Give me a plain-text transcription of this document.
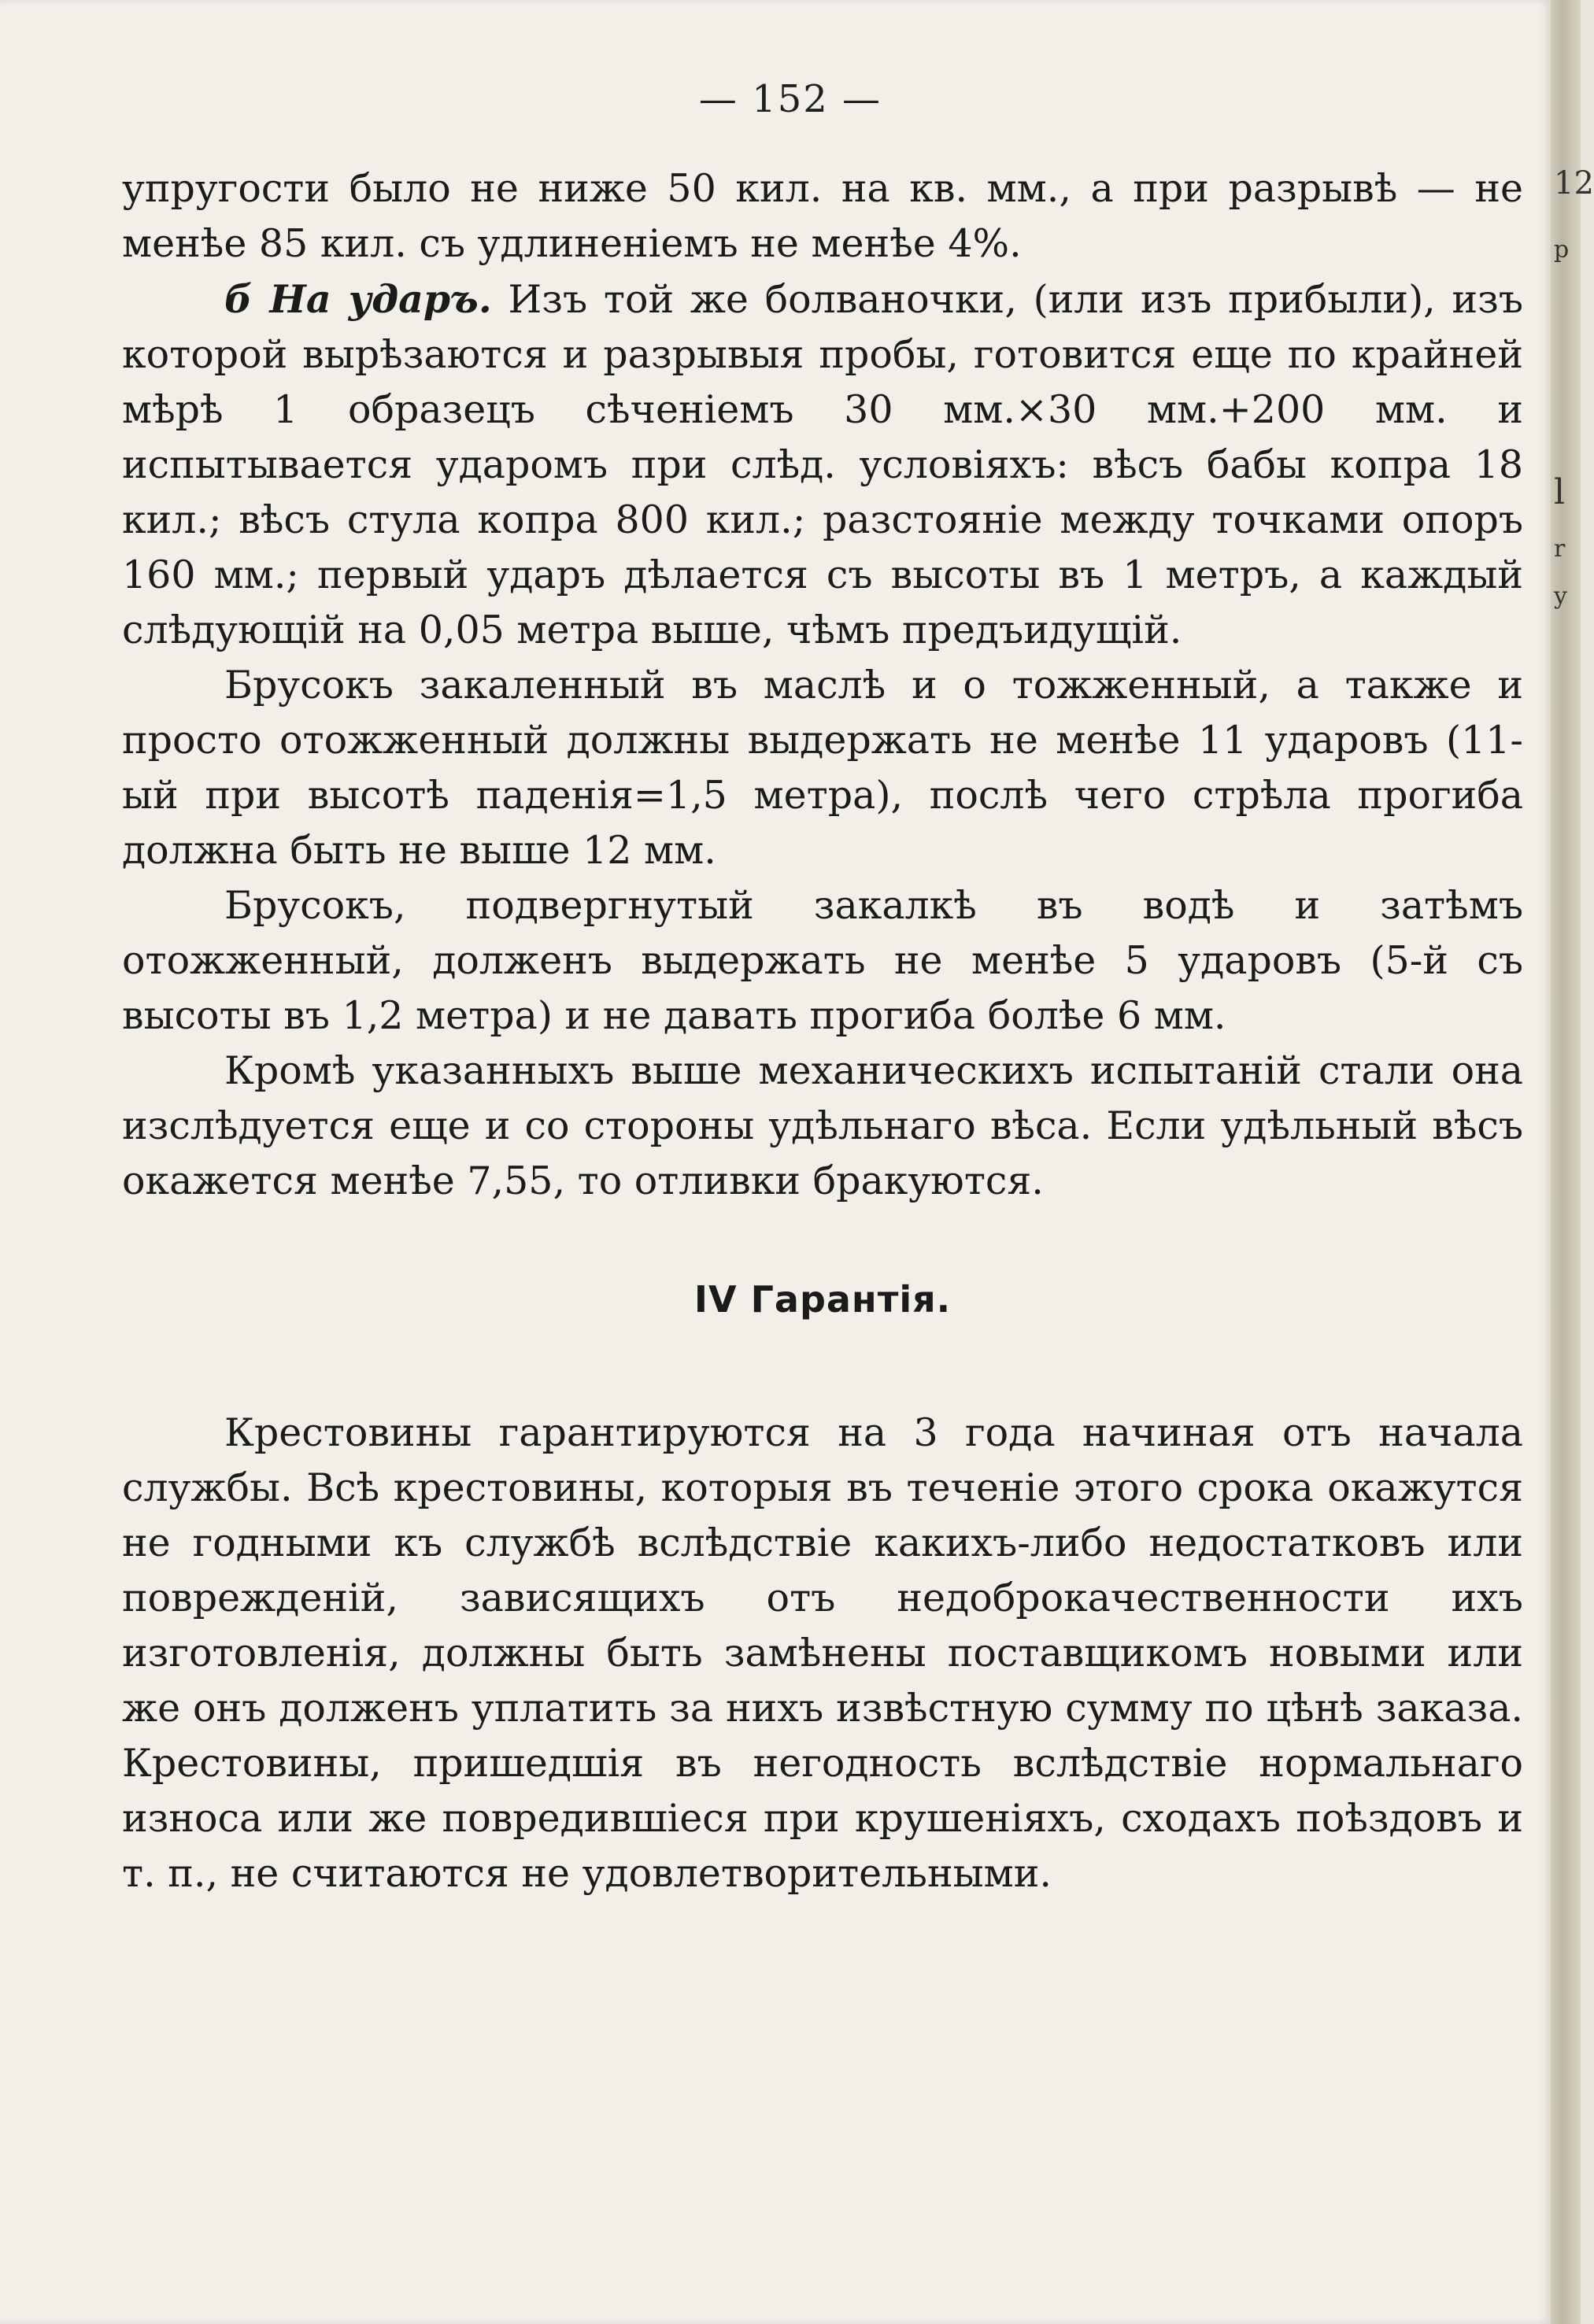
— 152 —

упругости было не ниже 50 кил. на кв. мм., а при разрывѣ — не менѣе 85 кил. съ удлиненіемъ не менѣе 4%.

б На ударъ. Изъ той же болваночки, (или изъ прибыли), изъ которой вырѣзаются и разрывыя пробы, готовится еще по крайней мѣрѣ 1 образецъ сѣченіемъ 30 мм.×30 мм.+200 мм. и испытывается ударомъ при слѣд. условіяхъ: вѣсъ бабы копра 18 кил.; вѣсъ стула копра 800 кил.; разстояніе между точками опоръ 160 мм.; первый ударъ дѣлается съ высоты въ 1 метръ, а каждый слѣдующій на 0,05 метра выше, чѣмъ предъидущій.

Брусокъ закаленный въ маслѣ и о тожженный, а также и просто отожженный должны выдержать не менѣе 11 ударовъ (11-ый при высотѣ паденія=1,5 метра), послѣ чего стрѣла прогиба должна быть не выше 12 мм.

Брусокъ, подвергнутый закалкѣ въ водѣ и затѣмъ отожженный, долженъ выдержать не менѣе 5 ударовъ (5-й съ высоты въ 1,2 метра) и не давать прогиба болѣе 6 мм.

Кромѣ указанныхъ выше механическихъ испытаній стали она изслѣдуется еще и со стороны удѣльнаго вѣса. Если удѣльный вѣсъ окажется менѣе 7,55, то отливки бракуются.

IV Гарантія.

Крестовины гарантируются на 3 года начиная отъ начала службы. Всѣ крестовины, которыя въ теченіе этого срока окажутся не годными къ службѣ вслѣдствіе какихъ-либо недостатковъ или поврежденій, зависящихъ отъ недоброкачественности ихъ изготовленія, должны быть замѣнены поставщикомъ новыми или же онъ долженъ уплатить за нихъ извѣстную сумму по цѣнѣ заказа. Крестовины, пришедшія въ негодность вслѣдствіе нормальнаго износа или же повредившіеся при крушеніяхъ, сходахъ поѣздовъ и т. п., не считаются не удовлетворительными.

12
p
l
r
y
